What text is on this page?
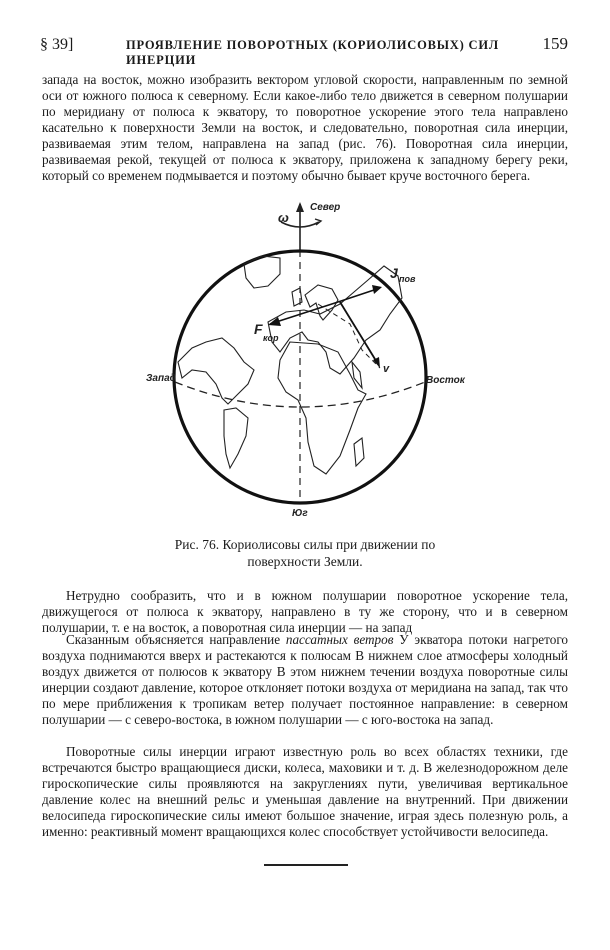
§ 39]	ПРОЯВЛЕНИЕ ПОВОРОТНЫХ (КОРИОЛИСОВЫХ) СИЛ ИНЕРЦИИ
159

запада на восток, можно изобразить вектором угловой скорости, направленным по земной оси от южного полюса к северному. Если какое-либо тело движется в северном полушарии по меридиану от полюса к экватору, то поворотное ускорение этого тела направлено касательно к поверхности Земли на восток, и следовательно, поворотная сила инерции, развиваемая этим телом, направлена на запад (рис. 76). Поворотная сила инерции, развиваемая рекой, текущей от полюса к экватору, приложена к западному берегу реки, который со временем подмывается и поэтому обычно бывает круче восточного берега.

ω
Север
Юг
Запад	Восток
J пов
F
кор
v
Рис. 76. Кориолисовы силы при движении по
поверхности Земли.

Нетрудно сообразить, что и в южном полушарии поворотное ускорение тела, движущегося от полюса к экватору, направлено в ту же сторону, что и в северном полушарии, т. е на восток, а поворотная сила инерции — на запад

Сказанным объясняется направление пассатных ветров У экватора потоки нагретого воздуха поднимаются вверх и растекаются к полюсам В нижнем слое атмосферы холодный воздух движется от полюсов к экватору В этом нижнем течении воздуха поворотные силы инерции создают давление, которое отклоняет потоки воздуха от меридиана на запад, так что по мере приближения к тропикам ветер получает постоянное направление: в северном полушарии — с северо-востока, в южном полушарии — с юго-востока на запад.

Поворотные силы инерции играют известную роль во всех областях техники, где встречаются быстро вращающиеся диски, колеса, маховики и т. д. В железнодорожном деле гироскопические силы проявляются на закруглениях пути, увеличивая вертикальное давление колес на внешний рельс и уменьшая давление на внутренний. При движении велосипеда гироскопические силы имеют большое значение, играя здесь полезную роль, а именно: реактивный момент вращающихся колес способствует устойчивости велосипеда.
